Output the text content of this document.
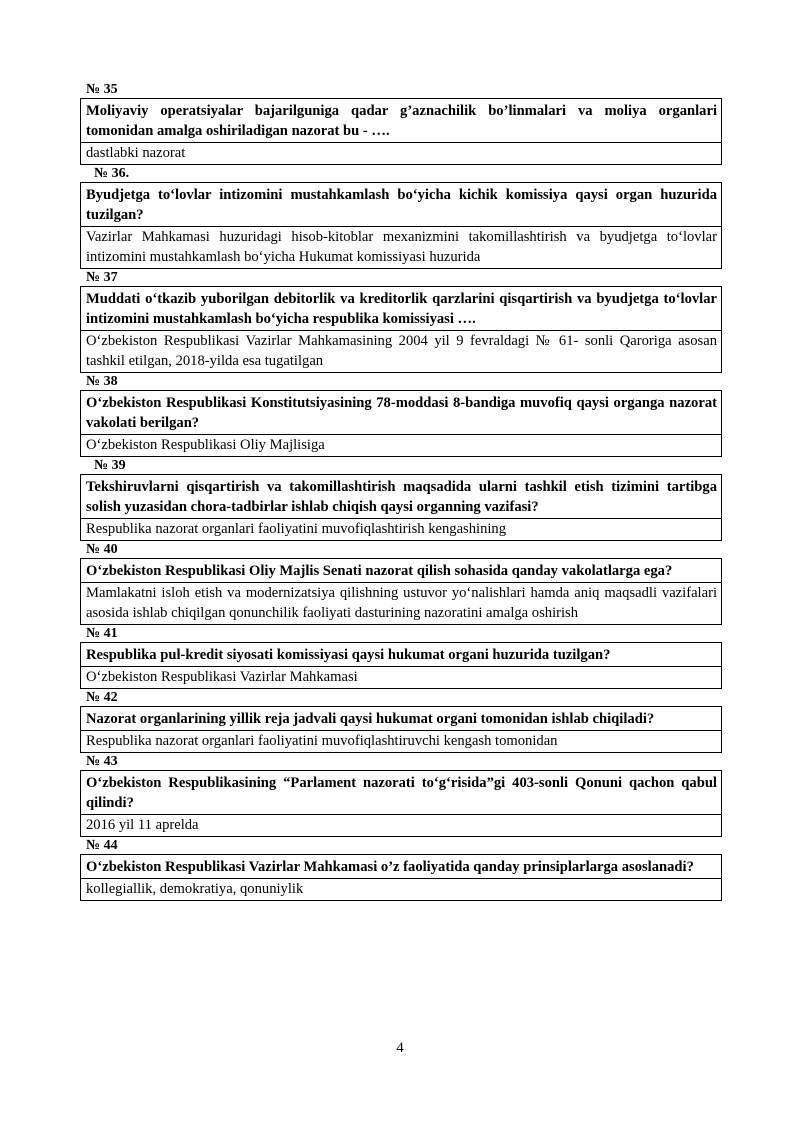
№ 35
Moliyaviy operatsiyalar bajarilguniga qadar g’aznachilik bo’linmalari va moliya organlari tomonidan amalga oshiriladigan nazorat bu - ….
dastlabki nazorat
№ 36.
Byudjetga to‘lovlar intizomini mustahkamlash bo‘yicha kichik komissiya qaysi organ huzurida tuzilgan?
Vazirlar Mahkamasi huzuridagi hisob-kitoblar mexanizmini takomillashtirish va byudjetga to‘lovlar intizomini mustahkamlash bo‘yicha Hukumat komissiyasi huzurida
№ 37
Muddati o‘tkazib yuborilgan debitorlik va kreditorlik qarzlarini qisqartirish va byudjetga to‘lovlar intizomini mustahkamlash bo‘yicha respublika komissiyasi ….
O‘zbekiston Respublikasi Vazirlar Mahkamasining 2004 yil 9 fevraldagi № 61- sonli Qaroriga asosan tashkil etilgan, 2018-yilda esa tugatilgan
№ 38
O‘zbekiston Respublikasi Konstitutsiyasining 78-moddasi 8-bandiga muvofiq qaysi organga nazorat vakolati berilgan?
O‘zbekiston Respublikasi Oliy Majlisiga
№ 39
Tekshiruvlarni qisqartirish va takomillashtirish maqsadida ularni tashkil etish tizimini tartibga solish yuzasidan chora-tadbirlar ishlab chiqish qaysi organning vazifasi?
Respublika nazorat organlari faoliyatini muvofiqlashtirish kengashining
№ 40
O‘zbekiston Respublikasi Oliy Majlis Senati nazorat qilish sohasida qanday vakolatlarga ega?
Mamlakatni isloh etish va modernizatsiya qilishning ustuvor yo‘nalishlari hamda aniq maqsadli vazifalari asosida ishlab chiqilgan qonunchilik faoliyati dasturining nazoratini amalga oshirish
№ 41
Respublika pul-kredit siyosati komissiyasi qaysi hukumat organi huzurida tuzilgan?
O‘zbekiston Respublikasi Vazirlar Mahkamasi
№ 42
Nazorat organlarining yillik reja jadvali qaysi hukumat organi tomonidan ishlab chiqiladi?
Respublika nazorat organlari faoliyatini muvofiqlashtiruvchi kengash tomonidan
№ 43
O‘zbekiston Respublikasining “Parlament nazorati to‘g‘risida”gi 403-sonli Qonuni qachon qabul qilindi?
2016 yil 11 aprelda
№ 44
O‘zbekiston Respublikasi Vazirlar Mahkamasi o’z faoliyatida qanday prinsiplarlarga asoslanadi?
kollegiallik, demokratiya, qonuniylik
4
